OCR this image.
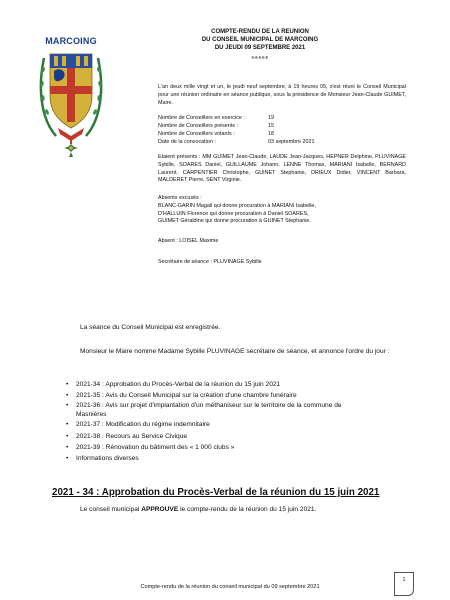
COMPTE-RENDU DE LA REUNION
DU CONSEIL MUNICIPAL DE MARCOING
DU JEUDI 09 SEPTEMBRE 2021
®®®®®
MARCOING
L'an deux mille vingt et un, le jeudi neuf septembre, à 19 heures 05, s'est réuni le Conseil Municipal pour une réunion ordinaire en séance publique, sous la présidence de Monsieur Jean-Claude GUIMET, Maire.
Nombre de Conseillers en exercice :	19
Nombre de Conseillers présents :	15
Nombre de Conseillers votants :	18
Date de la convocation :	03 septembre 2021
Etaient présents : MM GUIMET Jean-Claude, LAUDE Jean-Jacques, HEPNER Delphine, PLUVINAGE Sybille, SOARES Daniel, GUILLAUME Johann, LENNE Thomas, MARIANI Isabelle, BERNARD Laurent, CARPENTIER Christophe, GUINET Stephanie, DRIEUX Didier, VINCENT Barbara, MALDERET Pierre, SENT Virginie.
Absents excusés :
BLANC-GARIN Magali qui donne procuration à MARIANI Isabelle,
D'HALLUIN Florence qui donne procuration à Daniel SOARES,
GUIMET Géraldine qui donne procuration à GUINET Stephanie.
Absent : LOISEL Maxime
Secrétaire de séance : PLUVINAGE Sybille
La séance du Conseil Municipal est enregistrée.
Monsieur le Maire nomme Madame Sybille PLUVINAGE secrétaire de séance, et annonce l'ordre du jour :
• 2021-34 : Approbation du Procès-Verbal de la réunion du 15 juin 2021
• 2021-35 : Avis du Conseil Municipal sur la création d'une chambre funéraire
• 2021-36 : Avis sur projet d'implantation d'un méthaniseur sur le territoire de la commune de
Masnières
• 2021-37 : Modification du régime indemnitaire
• 2021-38 : Recours au Service Civique
• 2021-39 : Rénovation du bâtiment des « 1 000 clubs »
• Informations diverses
2021 - 34 : Approbation du Procès-Verbal de la réunion du 15 juin 2021
Le conseil municipal APPROUVE le compte-rendu de la réunion du 15 juin 2021.
Compte-rendu de la réunion du conseil municipal du 09 septembre 2021
1
